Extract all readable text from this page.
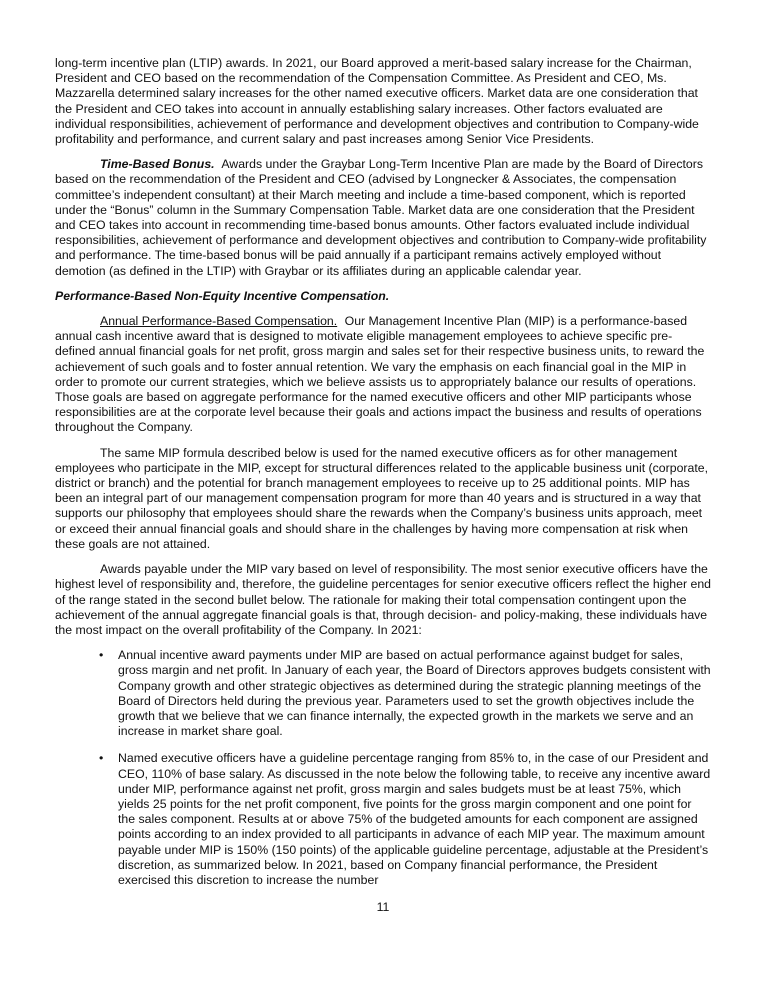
long-term incentive plan (LTIP) awards. In 2021, our Board approved a merit-based salary increase for the Chairman, President and CEO based on the recommendation of the Compensation Committee. As President and CEO, Ms. Mazzarella determined salary increases for the other named executive officers. Market data are one consideration that the President and CEO takes into account in annually establishing salary increases. Other factors evaluated are individual responsibilities, achievement of performance and development objectives and contribution to Company-wide profitability and performance, and current salary and past increases among Senior Vice Presidents.

Time-Based Bonus. Awards under the Graybar Long-Term Incentive Plan are made by the Board of Directors based on the recommendation of the President and CEO (advised by Longnecker & Associates, the compensation committee’s independent consultant) at their March meeting and include a time-based component, which is reported under the “Bonus” column in the Summary Compensation Table. Market data are one consideration that the President and CEO takes into account in recommending time-based bonus amounts. Other factors evaluated include individual responsibilities, achievement of performance and development objectives and contribution to Company-wide profitability and performance. The time-based bonus will be paid annually if a participant remains actively employed without demotion (as defined in the LTIP) with Graybar or its affiliates during an applicable calendar year.

Performance-Based Non-Equity Incentive Compensation.

Annual Performance-Based Compensation. Our Management Incentive Plan (MIP) is a performance-based annual cash incentive award that is designed to motivate eligible management employees to achieve specific pre-defined annual financial goals for net profit, gross margin and sales set for their respective business units, to reward the achievement of such goals and to foster annual retention. We vary the emphasis on each financial goal in the MIP in order to promote our current strategies, which we believe assists us to appropriately balance our results of operations. Those goals are based on aggregate performance for the named executive officers and other MIP participants whose responsibilities are at the corporate level because their goals and actions impact the business and results of operations throughout the Company.

The same MIP formula described below is used for the named executive officers as for other management employees who participate in the MIP, except for structural differences related to the applicable business unit (corporate, district or branch) and the potential for branch management employees to receive up to 25 additional points. MIP has been an integral part of our management compensation program for more than 40 years and is structured in a way that supports our philosophy that employees should share the rewards when the Company’s business units approach, meet or exceed their annual financial goals and should share in the challenges by having more compensation at risk when these goals are not attained.

Awards payable under the MIP vary based on level of responsibility. The most senior executive officers have the highest level of responsibility and, therefore, the guideline percentages for senior executive officers reflect the higher end of the range stated in the second bullet below. The rationale for making their total compensation contingent upon the achievement of the annual aggregate financial goals is that, through decision- and policy-making, these individuals have the most impact on the overall profitability of the Company. In 2021:

•	Annual incentive award payments under MIP are based on actual performance against budget for sales, gross margin and net profit. In January of each year, the Board of Directors approves budgets consistent with Company growth and other strategic objectives as determined during the strategic planning meetings of the Board of Directors held during the previous year. Parameters used to set the growth objectives include the growth that we believe that we can finance internally, the expected growth in the markets we serve and an increase in market share goal.
•	Named executive officers have a guideline percentage ranging from 85% to, in the case of our President and CEO, 110% of base salary. As discussed in the note below the following table, to receive any incentive award under MIP, performance against net profit, gross margin and sales budgets must be at least 75%, which yields 25 points for the net profit component, five points for the gross margin component and one point for the sales component. Results at or above 75% of the budgeted amounts for each component are assigned points according to an index provided to all participants in advance of each MIP year. The maximum amount payable under MIP is 150% (150 points) of the applicable guideline percentage, adjustable at the President’s discretion, as summarized below. In 2021, based on Company financial performance, the President exercised this discretion to increase the number
11
